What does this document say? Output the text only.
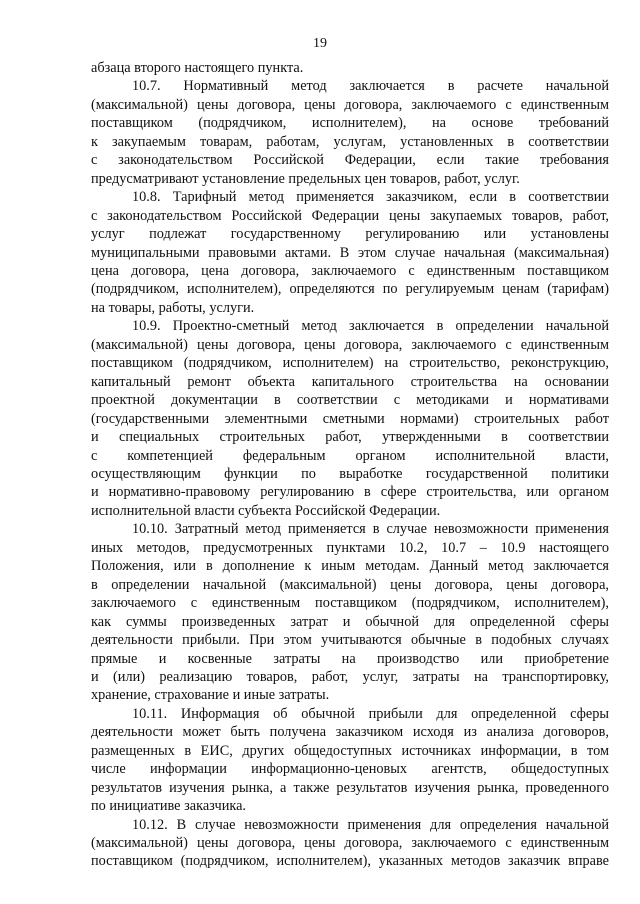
19
абзаца второго настоящего пункта.
10.7. Нормативный метод заключается в расчете начальной
(максимальной) цены договора, цены договора, заключаемого с единственным
поставщиком (подрядчиком, исполнителем), на основе требований
к закупаемым товарам, работам, услугам, установленных в соответствии
с законодательством Российской Федерации, если такие требования
предусматривают установление предельных цен товаров, работ, услуг.
10.8. Тарифный метод применяется заказчиком, если в соответствии
с законодательством Российской Федерации цены закупаемых товаров, работ,
услуг подлежат государственному регулированию или установлены
муниципальными правовыми актами. В этом случае начальная (максимальная)
цена договора, цена договора, заключаемого с единственным поставщиком
(подрядчиком, исполнителем), определяются по регулируемым ценам (тарифам)
на товары, работы, услуги.
10.9. Проектно-сметный метод заключается в определении начальной
(максимальной) цены договора, цены договора, заключаемого с единственным
поставщиком (подрядчиком, исполнителем) на строительство, реконструкцию,
капитальный ремонт объекта капитального строительства на основании
проектной документации в соответствии с методиками и нормативами
(государственными элементными сметными нормами) строительных работ
и специальных строительных работ, утвержденными в соответствии
с компетенцией федеральным органом исполнительной власти,
осуществляющим функции по выработке государственной политики
и нормативно-правовому регулированию в сфере строительства, или органом
исполнительной власти субъекта Российской Федерации.
10.10. Затратный метод применяется в случае невозможности применения
иных методов, предусмотренных пунктами 10.2, 10.7 – 10.9 настоящего
Положения, или в дополнение к иным методам. Данный метод заключается
в определении начальной (максимальной) цены договора, цены договора,
заключаемого с единственным поставщиком (подрядчиком, исполнителем),
как суммы произведенных затрат и обычной для определенной сферы
деятельности прибыли. При этом учитываются обычные в подобных случаях
прямые и косвенные затраты на производство или приобретение
и (или) реализацию товаров, работ, услуг, затраты на транспортировку,
хранение, страхование и иные затраты.
10.11. Информация об обычной прибыли для определенной сферы
деятельности может быть получена заказчиком исходя из анализа договоров,
размещенных в ЕИС, других общедоступных источниках информации, в том
числе информации информационно-ценовых агентств, общедоступных
результатов изучения рынка, а также результатов изучения рынка, проведенного
по инициативе заказчика.
10.12. В случае невозможности применения для определения начальной
(максимальной) цены договора, цены договора, заключаемого с единственным
поставщиком (подрядчиком, исполнителем), указанных методов заказчик вправе
